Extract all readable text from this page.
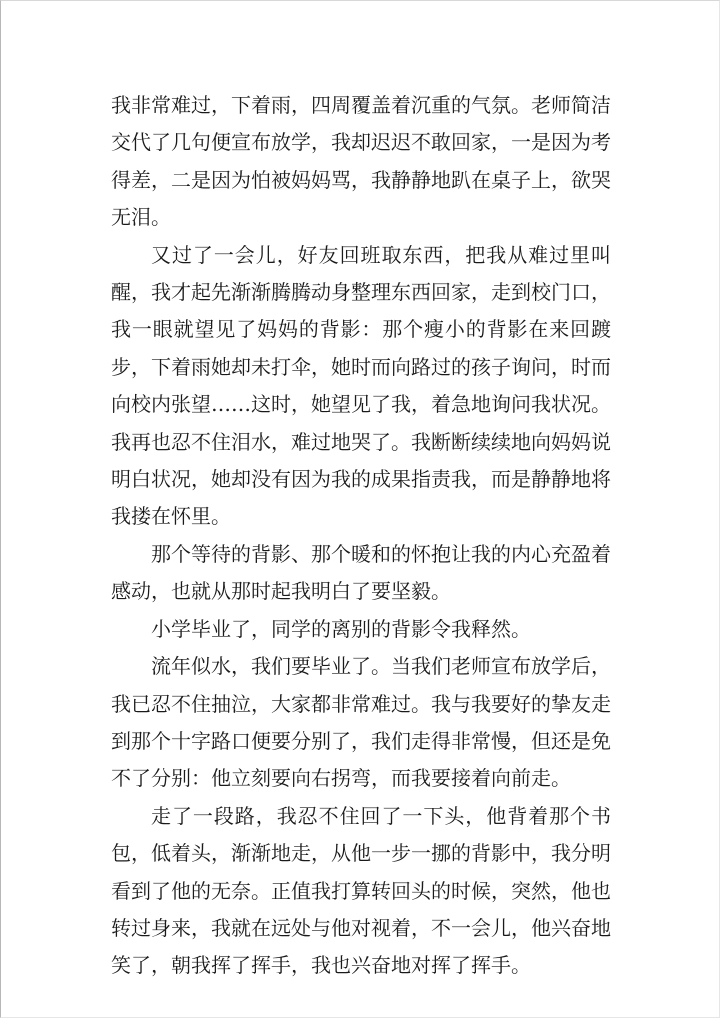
我非常难过，下着雨，四周覆盖着沉重的气氛。老师简洁交代了几句便宣布放学，我却迟迟不敢回家，一是因为考得差，二是因为怕被妈妈骂，我静静地趴在桌子上，欲哭无泪。

又过了一会儿，好友回班取东西，把我从难过里叫醒，我才起先渐渐腾腾动身整理东西回家，走到校门口，我一眼就望见了妈妈的背影：那个瘦小的背影在来回踱步，下着雨她却未打伞，她时而向路过的孩子询问，时而向校内张望……这时，她望见了我，着急地询问我状况。我再也忍不住泪水，难过地哭了。我断断续续地向妈妈说明白状况，她却没有因为我的成果指责我，而是静静地将我搂在怀里。

那个等待的背影、那个暖和的怀抱让我的内心充盈着感动，也就从那时起我明白了要坚毅。

小学毕业了，同学的离别的背影令我释然。

流年似水，我们要毕业了。当我们老师宣布放学后，我已忍不住抽泣，大家都非常难过。我与我要好的挚友走到那个十字路口便要分别了，我们走得非常慢，但还是免不了分别：他立刻要向右拐弯，而我要接着向前走。

走了一段路，我忍不住回了一下头，他背着那个书包，低着头，渐渐地走，从他一步一挪的背影中，我分明看到了他的无奈。正值我打算转回头的时候，突然，他也转过身来，我就在远处与他对视着，不一会儿，他兴奋地笑了，朝我挥了挥手，我也兴奋地对挥了挥手。
